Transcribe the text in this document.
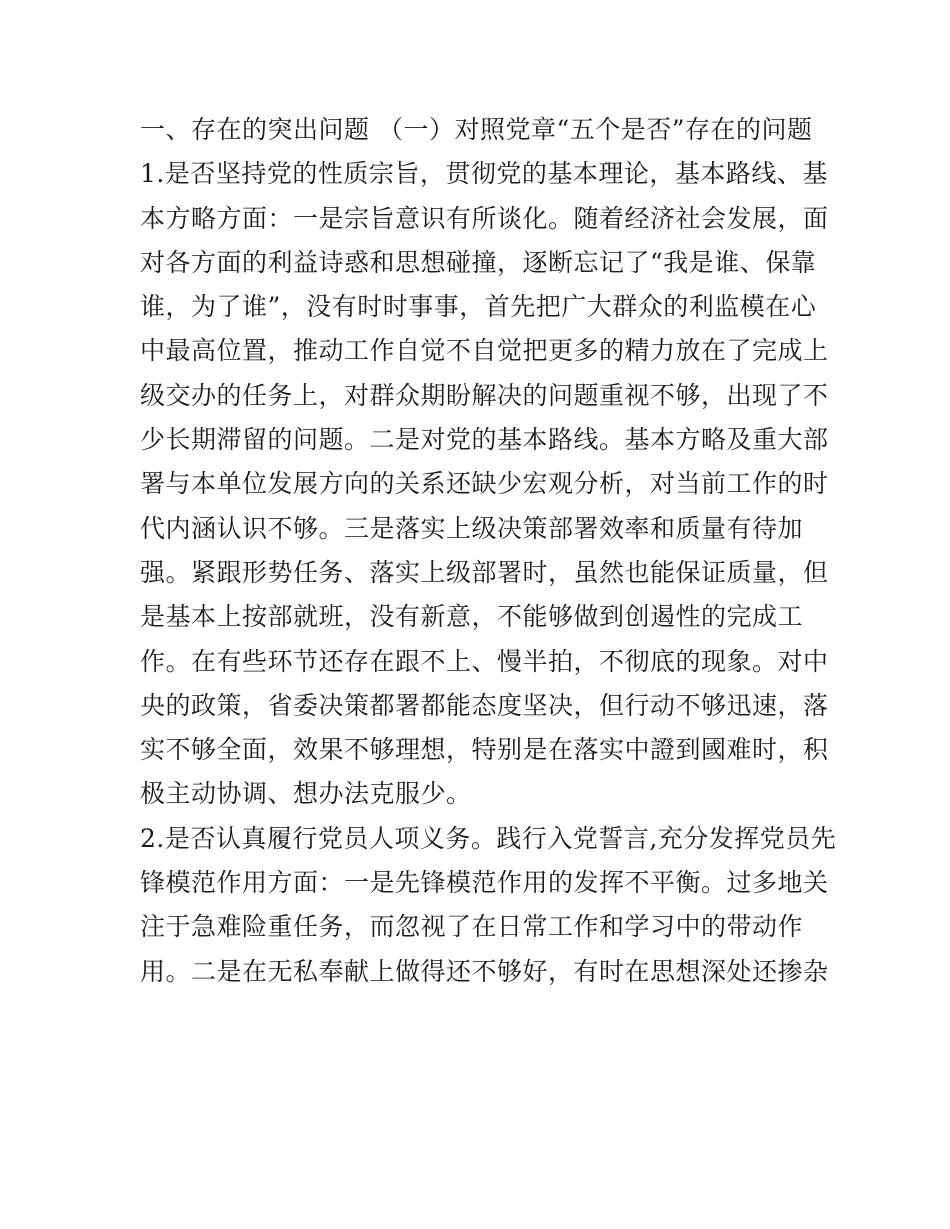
一、存在的突出问题 （一）对照党章“五个是否”存在的问题
1.是否坚持党的性质宗旨，贯彻党的基本理论，基本路线、基
本方略方面：一是宗旨意识有所谈化。随着经济社会发展，面
对各方面的利益诗惑和思想碰撞，逐断忘记了“我是谁、保靠
谁，为了谁”，没有时时事事，首先把广大群众的利监模在心
中最高位置，推动工作自觉不自觉把更多的精力放在了完成上
级交办的任务上，对群众期盼解决的问题重视不够，出现了不
少长期滞留的问题。二是对党的基本路线。基本方略及重大部
署与本单位发展方向的关系还缺少宏观分析，对当前工作的时
代内涵认识不够。三是落实上级决策部署效率和质量有待加
强。紧跟形势任务、落实上级部署时，虽然也能保证质量，但
是基本上按部就班，没有新意，不能够做到创遏性的完成工
作。在有些环节还存在跟不上、慢半拍，不彻底的现象。对中
央的政策，省委决策都署都能态度坚决，但行动不够迅速，落
实不够全面，效果不够理想，特别是在落实中證到國难时，积
极主动协调、想办法克服少。
2.是否认真履行党员人项义务。践行入党誓言,充分发挥党员先
锋模范作用方面：一是先锋模范作用的发挥不平衡。过多地关
注于急难险重任务，而忽视了在日常工作和学习中的带动作
用。二是在无私奉献上做得还不够好，有时在思想深处还掺杂
